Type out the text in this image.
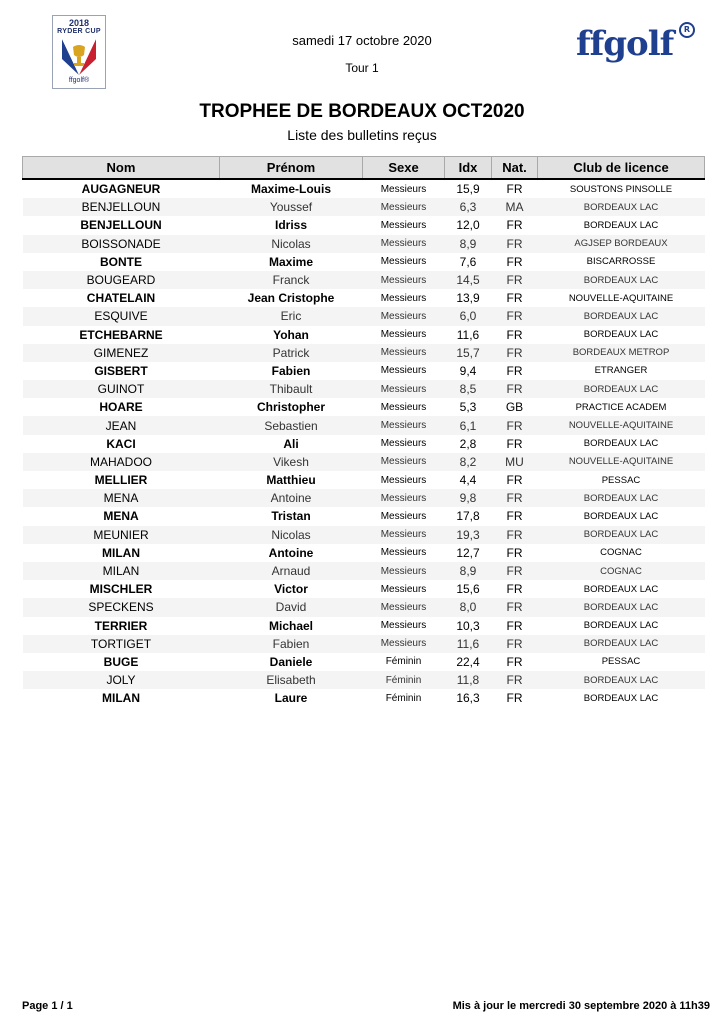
2018
RYDER CUP
ffgolf®
samedi 17 octobre 2020
Tour 1
ffgolf	R
TROPHEE DE BORDEAUX OCT2020
Liste des bulletins reçus
Nom	Prénom	Sexe	Idx	Nat.	Club de licence
AUGAGNEUR	Maxime-Louis	Messieurs	15,9	FR	SOUSTONS PINSOLLE
BENJELLOUN	Youssef	Messieurs	6,3	MA	BORDEAUX LAC
BENJELLOUN	Idriss	Messieurs	12,0	FR	BORDEAUX LAC
BOISSONADE	Nicolas	Messieurs	8,9	FR	AGJSEP BORDEAUX
BONTE	Maxime	Messieurs	7,6	FR	BISCARROSSE
BOUGEARD	Franck	Messieurs	14,5	FR	BORDEAUX LAC
CHATELAIN	Jean Cristophe	Messieurs	13,9	FR	NOUVELLE-AQUITAINE
ESQUIVE	Eric	Messieurs	6,0	FR	BORDEAUX LAC
ETCHEBARNE	Yohan	Messieurs	11,6	FR	BORDEAUX LAC
GIMENEZ	Patrick	Messieurs	15,7	FR	BORDEAUX METROP
GISBERT	Fabien	Messieurs	9,4	FR	ETRANGER
GUINOT	Thibault	Messieurs	8,5	FR	BORDEAUX LAC
HOARE	Christopher	Messieurs	5,3	GB	PRACTICE ACADEM
JEAN	Sebastien	Messieurs	6,1	FR	NOUVELLE-AQUITAINE
KACI	Ali	Messieurs	2,8	FR	BORDEAUX LAC
MAHADOO	Vikesh	Messieurs	8,2	MU	NOUVELLE-AQUITAINE
MELLIER	Matthieu	Messieurs	4,4	FR	PESSAC
MENA	Antoine	Messieurs	9,8	FR	BORDEAUX LAC
MENA	Tristan	Messieurs	17,8	FR	BORDEAUX LAC
MEUNIER	Nicolas	Messieurs	19,3	FR	BORDEAUX LAC
MILAN	Antoine	Messieurs	12,7	FR	COGNAC
MILAN	Arnaud	Messieurs	8,9	FR	COGNAC
MISCHLER	Victor	Messieurs	15,6	FR	BORDEAUX LAC
SPECKENS	David	Messieurs	8,0	FR	BORDEAUX LAC
TERRIER	Michael	Messieurs	10,3	FR	BORDEAUX LAC
TORTIGET	Fabien	Messieurs	11,6	FR	BORDEAUX LAC
BUGE	Daniele	Féminin	22,4	FR	PESSAC
JOLY	Elisabeth	Féminin	11,8	FR	BORDEAUX LAC
MILAN	Laure	Féminin	16,3	FR	BORDEAUX LAC
Page 1 / 1	Mis à jour le mercredi 30 septembre 2020 à 11h39
